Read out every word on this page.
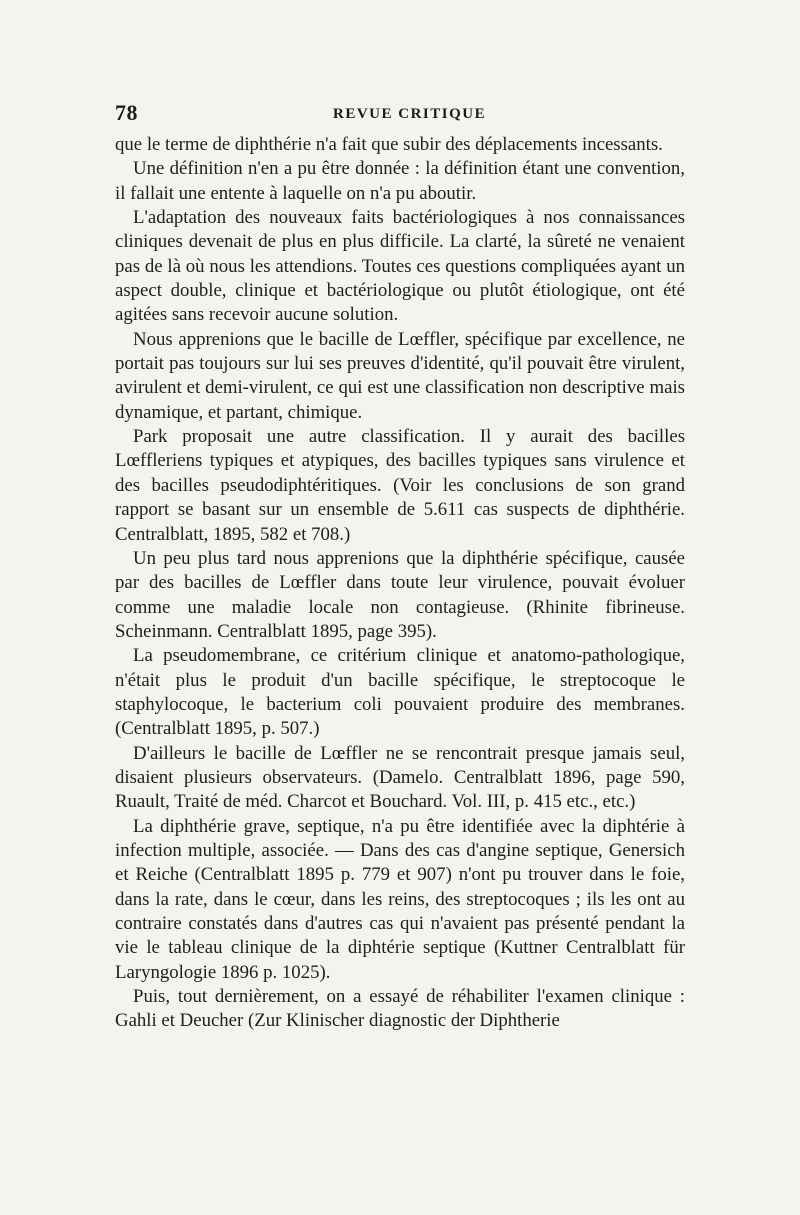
78	REVUE CRITIQUE

que le terme de diphthérie n'a fait que subir des déplacements incessants.

Une définition n'en a pu être donnée : la définition étant une convention, il fallait une entente à laquelle on n'a pu aboutir.

L'adaptation des nouveaux faits bactériologiques à nos connaissances cliniques devenait de plus en plus difficile. La clarté, la sûreté ne venaient pas de là où nous les attendions. Toutes ces questions compliquées ayant un aspect double, clinique et bactériologique ou plutôt étiologique, ont été agitées sans recevoir aucune solution.

Nous apprenions que le bacille de Lœffler, spécifique par excellence, ne portait pas toujours sur lui ses preuves d'identité, qu'il pouvait être virulent, avirulent et demi-virulent, ce qui est une classification non descriptive mais dynamique, et partant, chimique.

Park proposait une autre classification. Il y aurait des bacilles Lœffleriens typiques et atypiques, des bacilles typiques sans virulence et des bacilles pseudodiphtéritiques. (Voir les conclusions de son grand rapport se basant sur un ensemble de 5.611 cas suspects de diphthérie. Centralblatt, 1895, 582 et 708.)

Un peu plus tard nous apprenions que la diphthérie spécifique, causée par des bacilles de Lœffler dans toute leur virulence, pouvait évoluer comme une maladie locale non contagieuse. (Rhinite fibrineuse. Scheinmann. Centralblatt 1895, page 395).

La pseudomembrane, ce critérium clinique et anatomo-pathologique, n'était plus le produit d'un bacille spécifique, le streptocoque le staphylocoque, le bacterium coli pouvaient produire des membranes. (Centralblatt 1895, p. 507.)

D'ailleurs le bacille de Lœffler ne se rencontrait presque jamais seul, disaient plusieurs observateurs. (Damelo. Centralblatt 1896, page 590, Ruault, Traité de méd. Charcot et Bouchard. Vol. III, p. 415 etc., etc.)

La diphthérie grave, septique, n'a pu être identifiée avec la diphtérie à infection multiple, associée. — Dans des cas d'angine septique, Genersich et Reiche (Centralblatt 1895 p. 779 et 907) n'ont pu trouver dans le foie, dans la rate, dans le cœur, dans les reins, des streptocoques ; ils les ont au contraire constatés dans d'autres cas qui n'avaient pas présenté pendant la vie le tableau clinique de la diphtérie septique (Kuttner Centralblatt für Laryngologie 1896 p. 1025).

Puis, tout dernièrement, on a essayé de réhabiliter l'examen clinique : Gahli et Deucher (Zur Klinischer diagnostic der Diphtherie
